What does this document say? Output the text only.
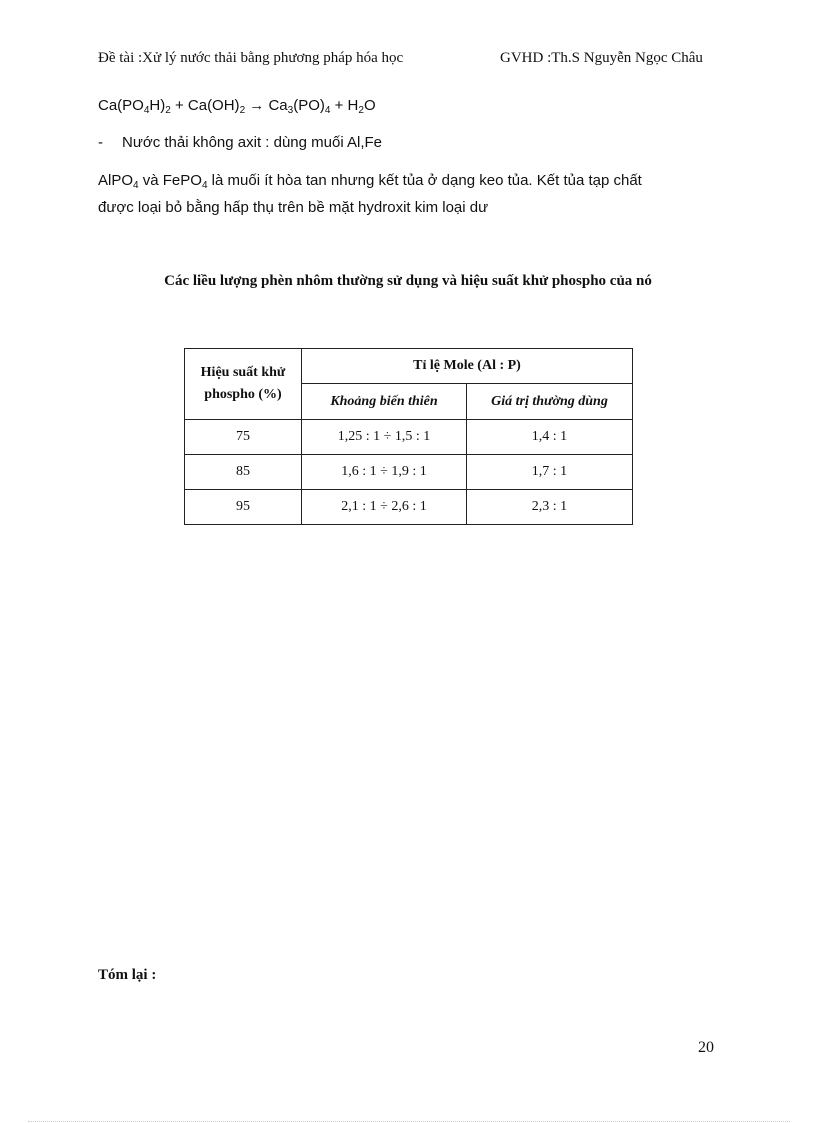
Đề tài :Xử lý nước thải bằng phương pháp hóa học	GVHD :Th.S Nguyễn Ngọc Châu
$Ca(PO_4H)_2 + Ca(OH)_2 \to Ca_3(PO)_4 + H_2O$
- Nước thải không axit : dùng muối Al,Fe
AlPO$_4$ và FePO$_4$ là muối ít hòa tan nhưng kết tủa ở dạng keo tủa. Kết tủa tạp chất
được loại bỏ bằng hấp thụ trên bề mặt hydroxit kim loại dư
Các liều lượng phèn nhôm thường sử dụng và hiệu suất khử phospho của nó
Hiệu suất khử
phospho (%)	Tỉ lệ Mole (Al : P)	
	Khoảng biến thiên	Giá trị thường dùng
75	1,25 : 1 ÷ 1,5 : 1	1,4 : 1
85	1,6 : 1 ÷ 1,9 : 1	1,7 : 1
95	2,1 : 1 ÷ 2,6 : 1	2,3 : 1
Tóm lại :
20
